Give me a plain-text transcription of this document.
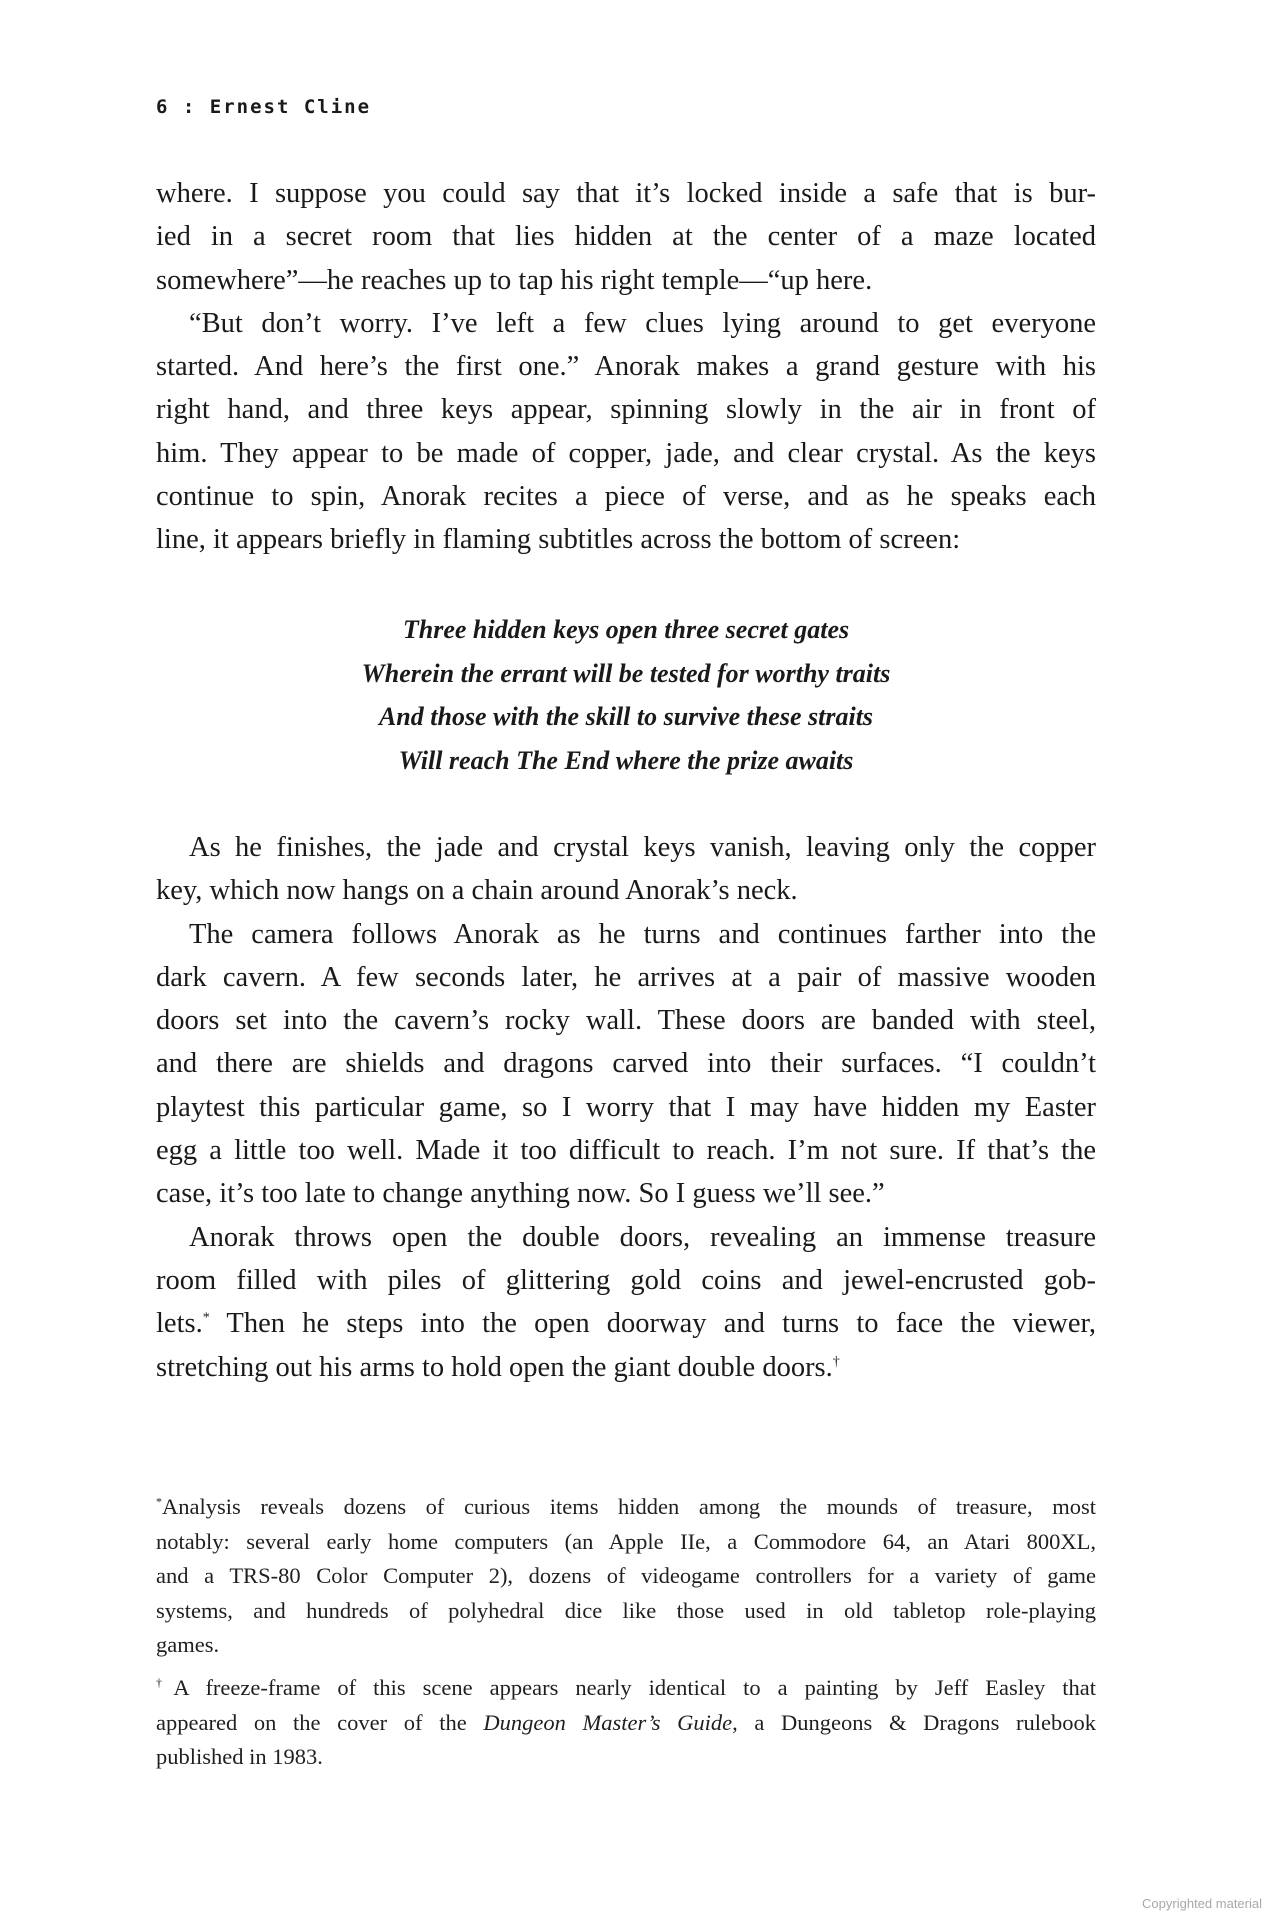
6 : Ernest Cline
where. I suppose you could say that it’s locked inside a safe that is bur-
ied in a secret room that lies hidden at the center of a maze located
somewhere”—he reaches up to tap his right temple—“up here.
“But don’t worry. I’ve left a few clues lying around to get everyone
started. And here’s the first one.” Anorak makes a grand gesture with his
right hand, and three keys appear, spinning slowly in the air in front of
him. They appear to be made of copper, jade, and clear crystal. As the keys
continue to spin, Anorak recites a piece of verse, and as he speaks each
line, it appears briefly in flaming subtitles across the bottom of screen:
Three hidden keys open three secret gates
Wherein the errant will be tested for worthy traits
And those with the skill to survive these straits
Will reach The End where the prize awaits
As he finishes, the jade and crystal keys vanish, leaving only the copper
key, which now hangs on a chain around Anorak’s neck.
The camera follows Anorak as he turns and continues farther into the
dark cavern. A few seconds later, he arrives at a pair of massive wooden
doors set into the cavern’s rocky wall. These doors are banded with steel,
and there are shields and dragons carved into their surfaces. “I couldn’t
playtest this particular game, so I worry that I may have hidden my Easter
egg a little too well. Made it too difficult to reach. I’m not sure. If that’s the
case, it’s too late to change anything now. So I guess we’ll see.”
Anorak throws open the double doors, revealing an immense treasure
room filled with piles of glittering gold coins and jewel-encrusted gob-
lets.* Then he steps into the open doorway and turns to face the viewer,
stretching out his arms to hold open the giant double doors.†
*Analysis reveals dozens of curious items hidden among the mounds of treasure, most
notably: several early home computers (an Apple IIe, a Commodore 64, an Atari 800XL,
and a TRS-80 Color Computer 2), dozens of videogame controllers for a variety of game
systems, and hundreds of polyhedral dice like those used in old tabletop role-playing
games.
†A freeze-frame of this scene appears nearly identical to a painting by Jeff Easley that
appeared on the cover of the Dungeon Master’s Guide, a Dungeons & Dragons rulebook
published in 1983.
Copyrighted material
